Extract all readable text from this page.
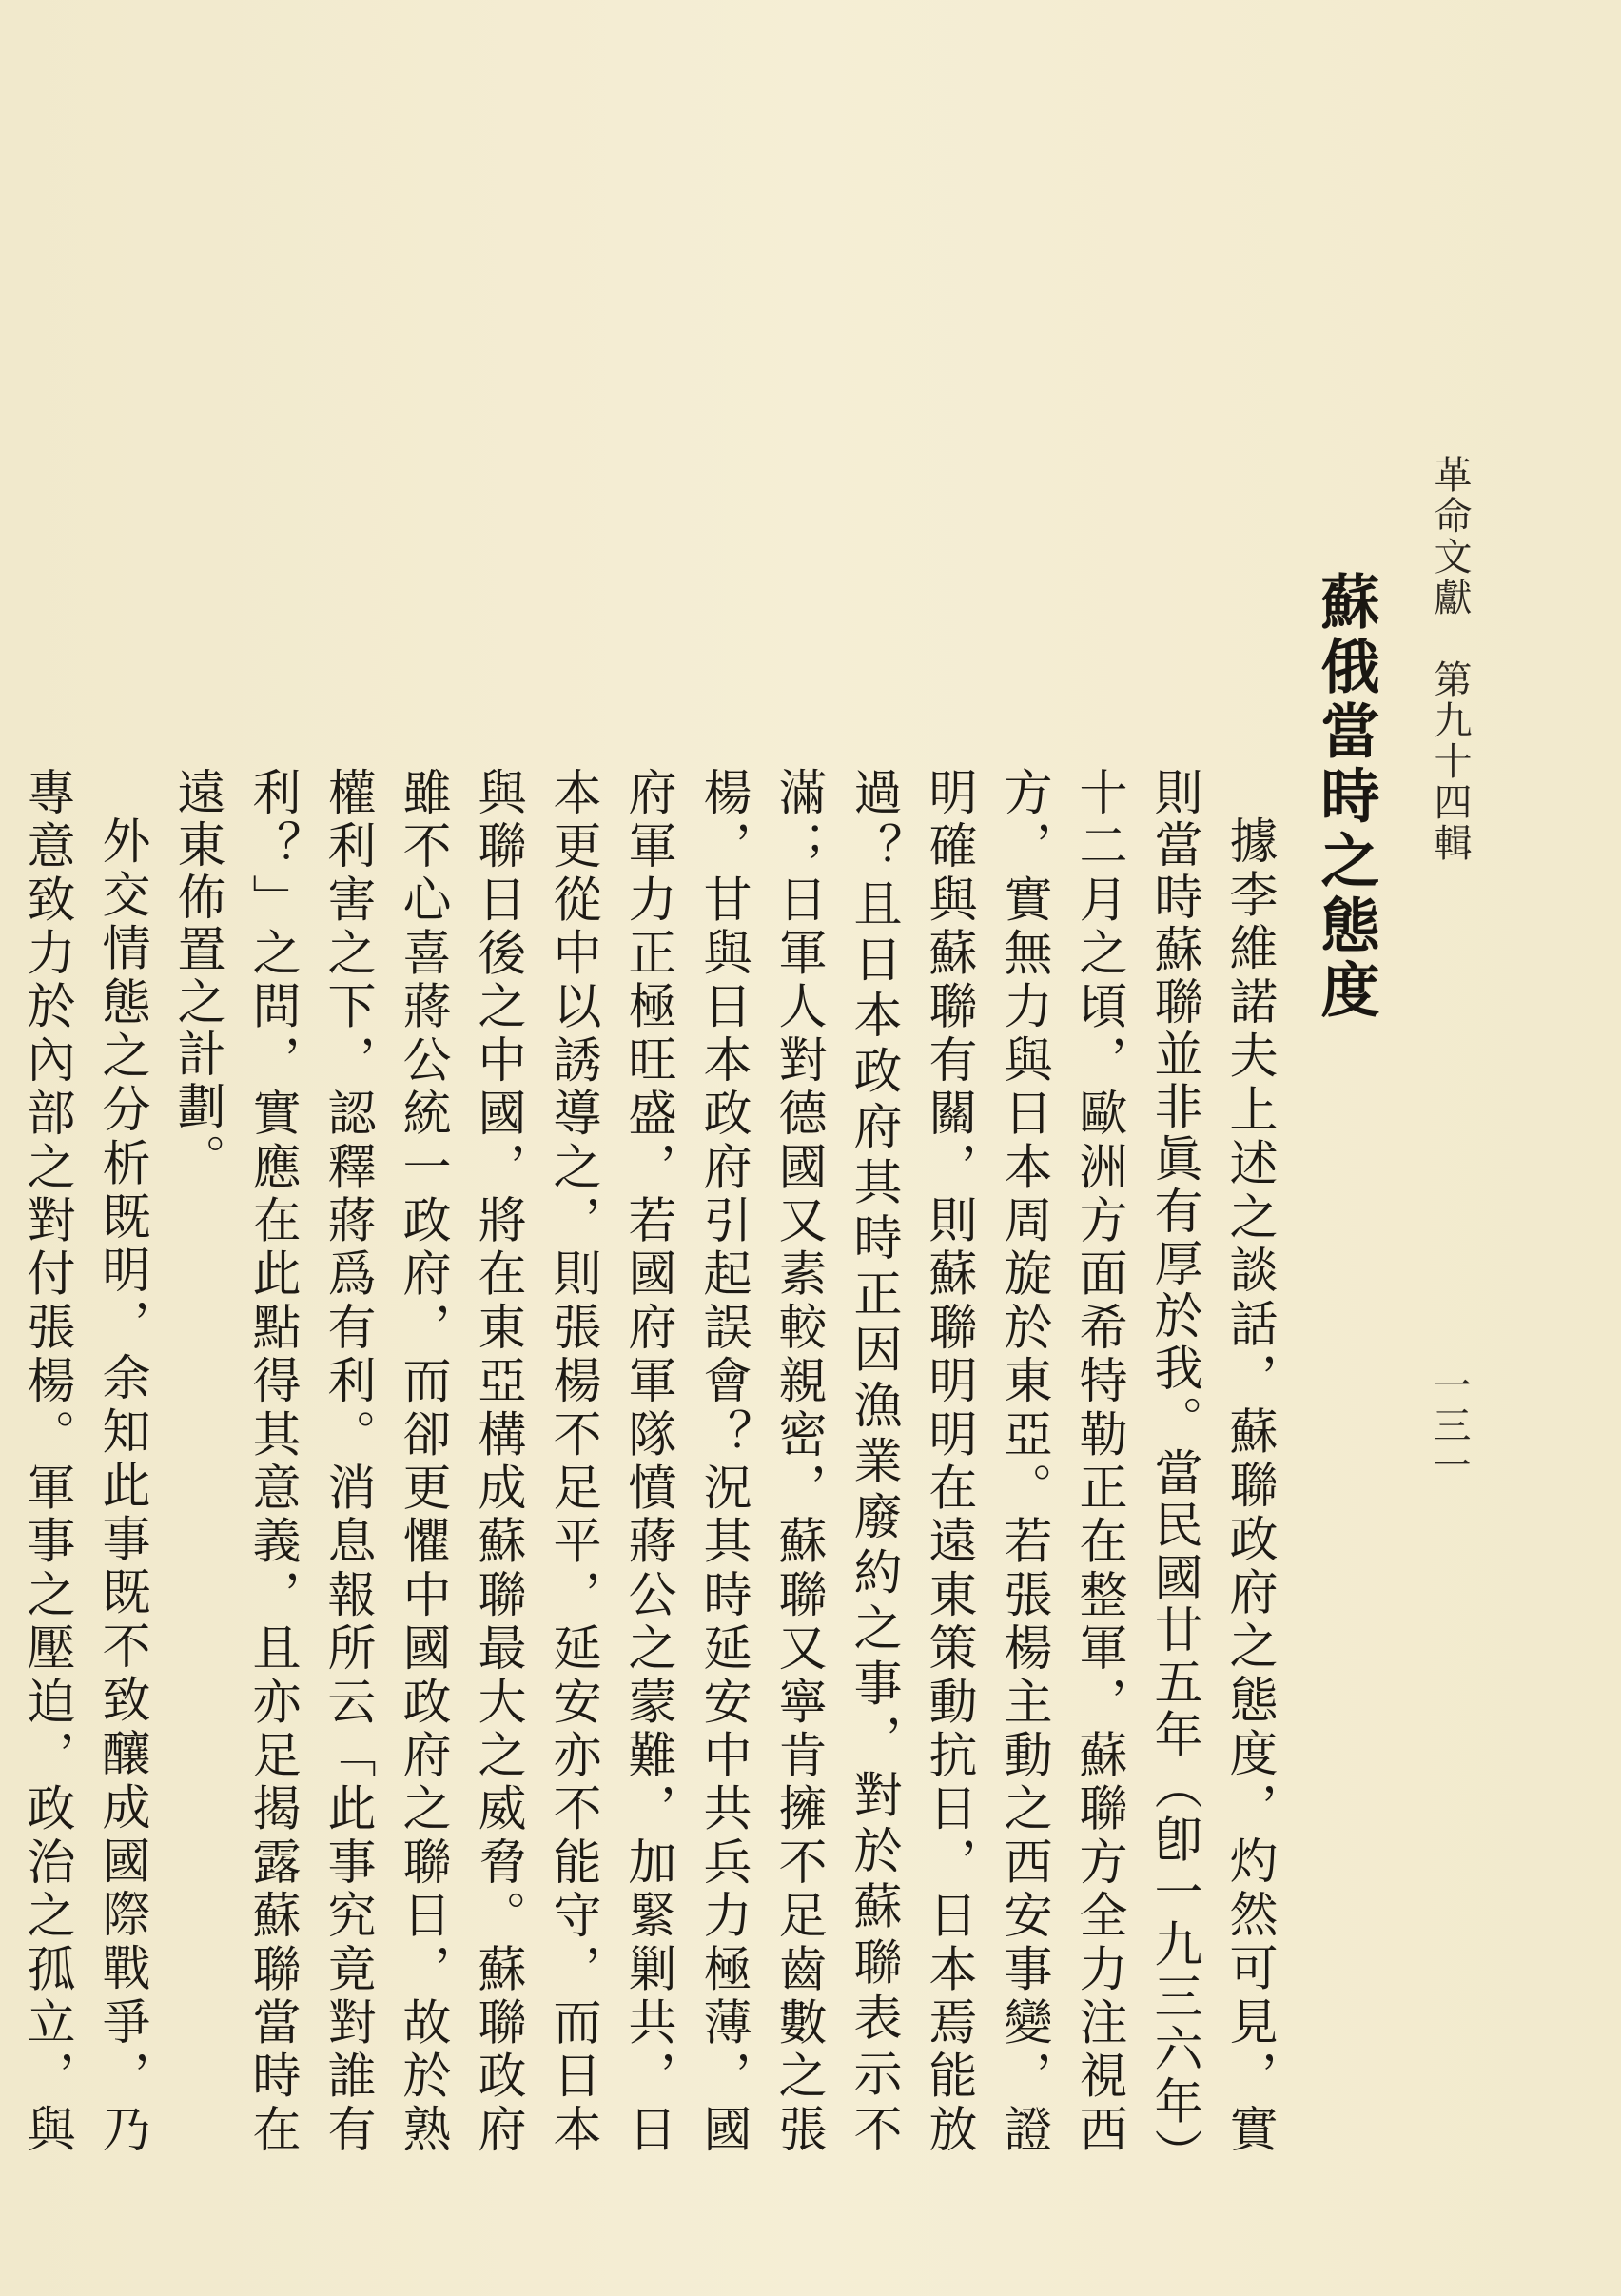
革命文獻　第九十四輯
一三一
蘇俄當時之態度

據李維諾夫上述之談話，蘇聯政府之態度，灼然可見，實則當時蘇聯並非眞有厚於我。當民國廿五年（卽一九三六年）十二月之頃，歐洲方面希特勒正在整軍，蘇聯方全力注視西方，實無力與日本周旋於東亞。若張楊主動之西安事變，證明確與蘇聯有關，則蘇聯明明在遠東策動抗日，日本焉能放過？且日本政府其時正因漁業廢約之事，對於蘇聯表示不滿；日軍人對德國又素較親密，蘇聯又寧肯擁不足齒數之張楊，甘與日本政府引起誤會？況其時延安中共兵力極薄，國府軍力正極旺盛，若國府軍隊憤蔣公之蒙難，加緊剿共，日本更從中以誘導之，則張楊不足平，延安亦不能守，而日本與聯日後之中國，將在東亞構成蘇聯最大之威脅。蘇聯政府雖不心喜蔣公統一政府，而卻更懼中國政府之聯日，故於熟權利害之下，認釋蔣爲有利。消息報所云「此事究竟對誰有利？」之問，實應在此點得其意義，且亦足揭露蘇聯當時在遠東佈置之計劃。

外交情態之分析既明，余知此事既不致釀成國際戰爭，乃專意致力於內部之對付張楊。軍事之壓迫，政治之孤立，與
